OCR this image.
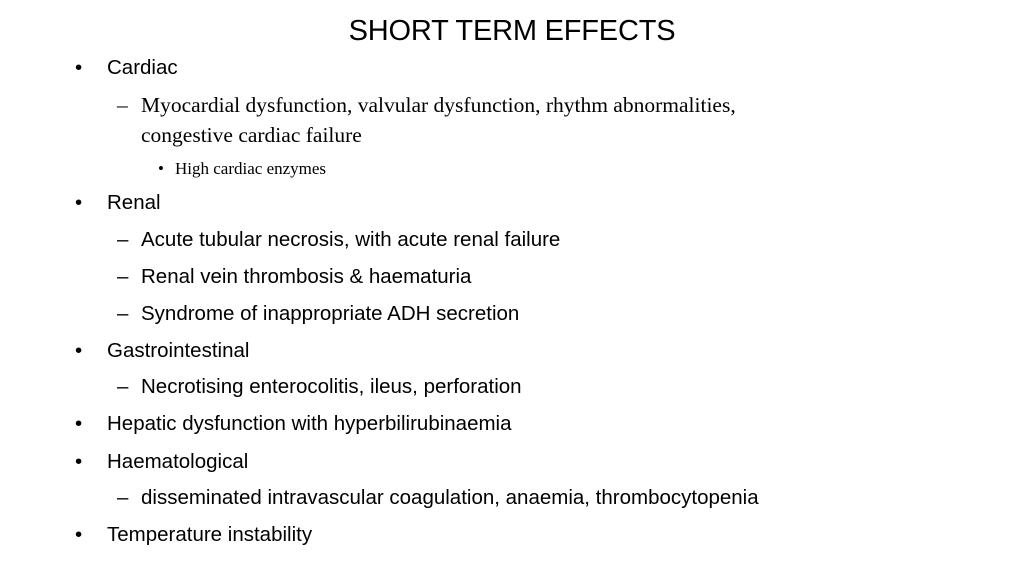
SHORT TERM EFFECTS
• Cardiac
– Myocardial dysfunction, valvular dysfunction, rhythm abnormalities,
congestive cardiac failure
• High cardiac enzymes
• Renal
– Acute tubular necrosis, with acute renal failure
– Renal vein thrombosis & haematuria
– Syndrome of inappropriate ADH secretion
• Gastrointestinal
– Necrotising enterocolitis, ileus, perforation
• Hepatic dysfunction with hyperbilirubinaemia
• Haematological
– disseminated intravascular coagulation, anaemia, thrombocytopenia
• Temperature instability
